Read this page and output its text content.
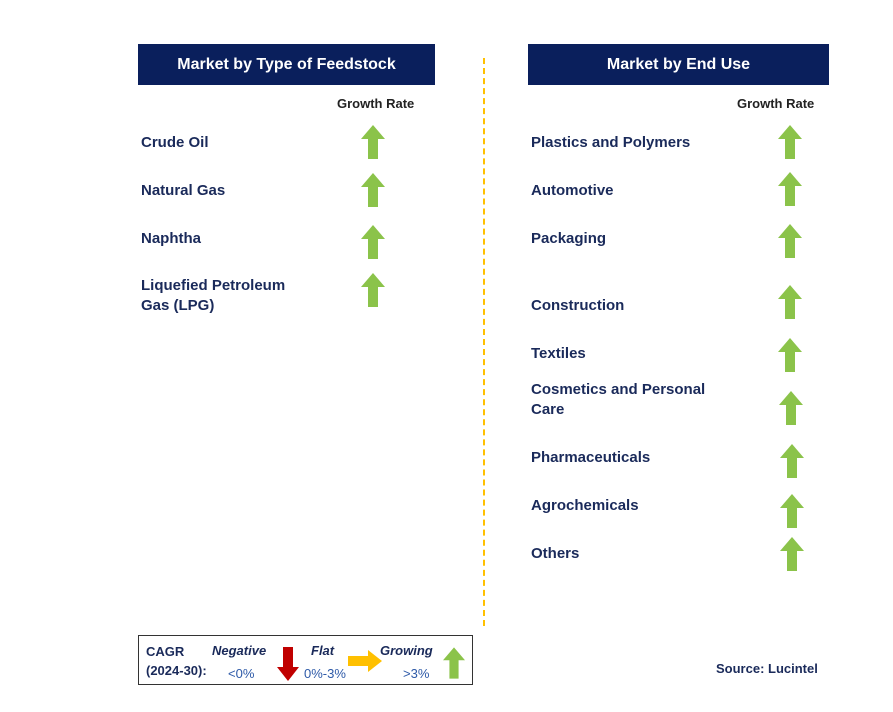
Market by Type of Feedstock
Growth Rate
Crude Oil
Natural Gas
Naphtha
Liquefied Petroleum
Gas (LPG)
Market by End Use
Growth Rate
Plastics and Polymers
Automotive
Packaging
Construction
Textiles
Cosmetics and Personal
Care
Pharmaceuticals
Agrochemicals
Others
CAGR
(2024-30):
Negative
<0%
Flat
0%-3%
Growing
>3%	Source: Lucintel
